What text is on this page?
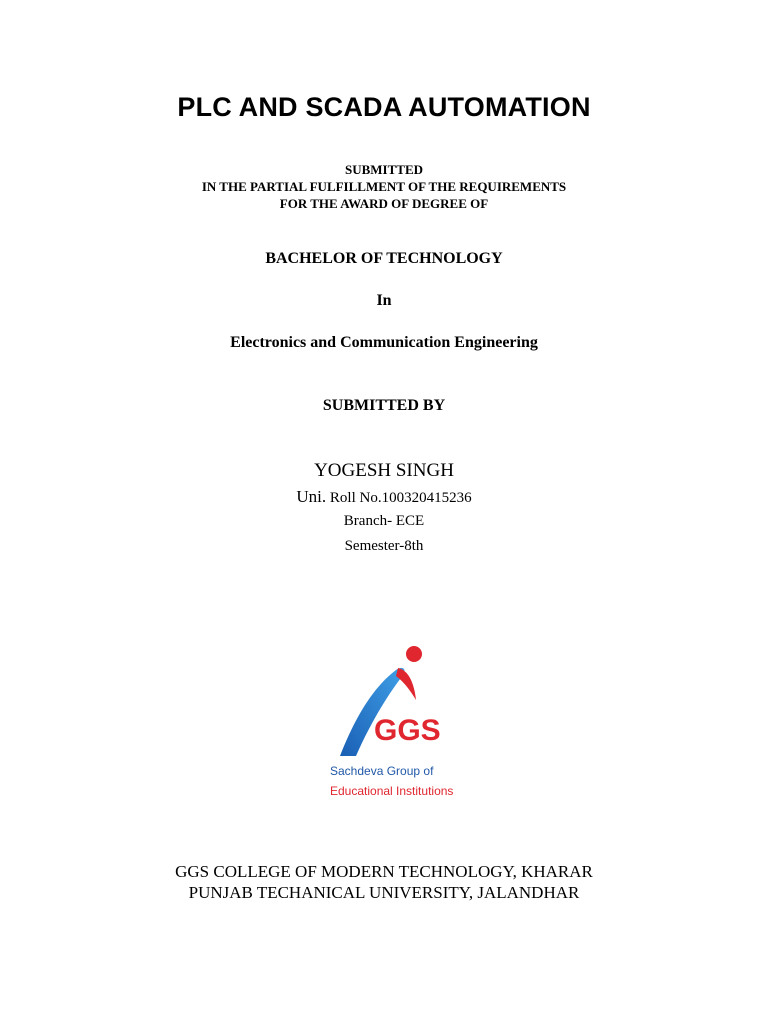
PLC AND SCADA AUTOMATION
SUBMITTED
IN THE PARTIAL FULFILLMENT OF THE REQUIREMENTS
FOR THE AWARD OF DEGREE OF
BACHELOR OF TECHNOLOGY
In
Electronics and Communication Engineering
SUBMITTED BY
YOGESH SINGH
Uni. Roll No.100320415236
Branch- ECE
Semester-8th
GGS
Sachdeva Group of
Educational Institutions
GGS COLLEGE OF MODERN TECHNOLOGY, KHARAR
PUNJAB TECHANICAL UNIVERSITY, JALANDHAR
